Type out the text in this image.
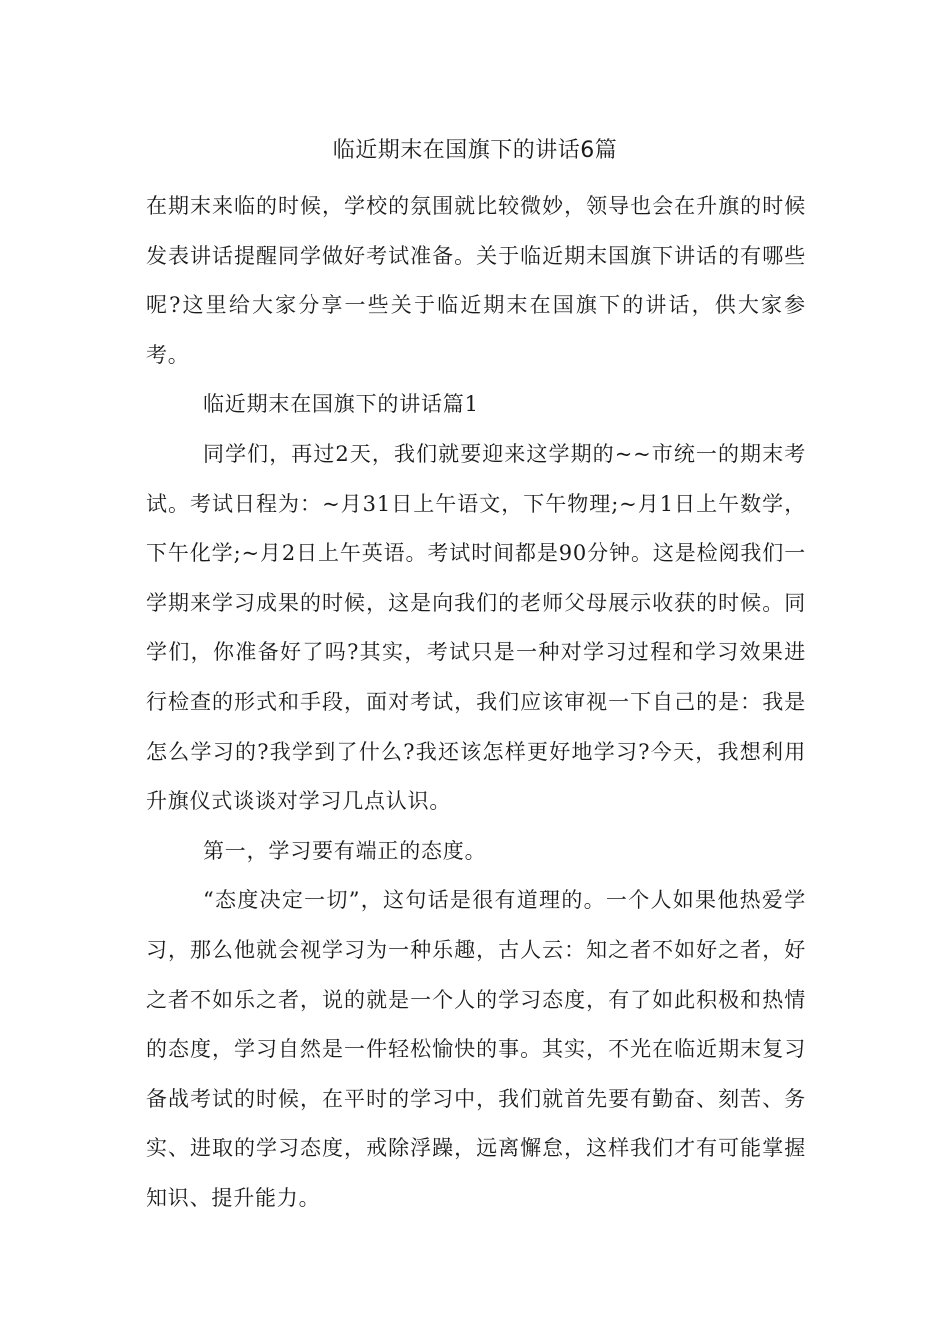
临近期末在国旗下的讲话6篇

在期末来临的时候，学校的氛围就比较微妙，领导也会在升旗的时候发表讲话提醒同学做好考试准备。关于临近期末国旗下讲话的有哪些呢?这里给大家分享一些关于临近期末在国旗下的讲话，供大家参考。

临近期末在国旗下的讲话篇1

同学们，再过2天，我们就要迎来这学期的~~市统一的期末考试。考试日程为：~月31日上午语文，下午物理;~月1日上午数学，下午化学;~月2日上午英语。考试时间都是90分钟。这是检阅我们一学期来学习成果的时候，这是向我们的老师父母展示收获的时候。同学们，你准备好了吗?其实，考试只是一种对学习过程和学习效果进行检查的形式和手段，面对考试，我们应该审视一下自己的是：我是怎么学习的?我学到了什么?我还该怎样更好地学习?今天，我想利用升旗仪式谈谈对学习几点认识。

第一，学习要有端正的态度。

“态度决定一切”，这句话是很有道理的。一个人如果他热爱学习，那么他就会视学习为一种乐趣，古人云：知之者不如好之者，好之者不如乐之者，说的就是一个人的学习态度，有了如此积极和热情的态度，学习自然是一件轻松愉快的事。其实，不光在临近期末复习备战考试的时候，在平时的学习中，我们就首先要有勤奋、刻苦、务实、进取的学习态度，戒除浮躁，远离懈怠，这样我们才有可能掌握知识、提升能力。
